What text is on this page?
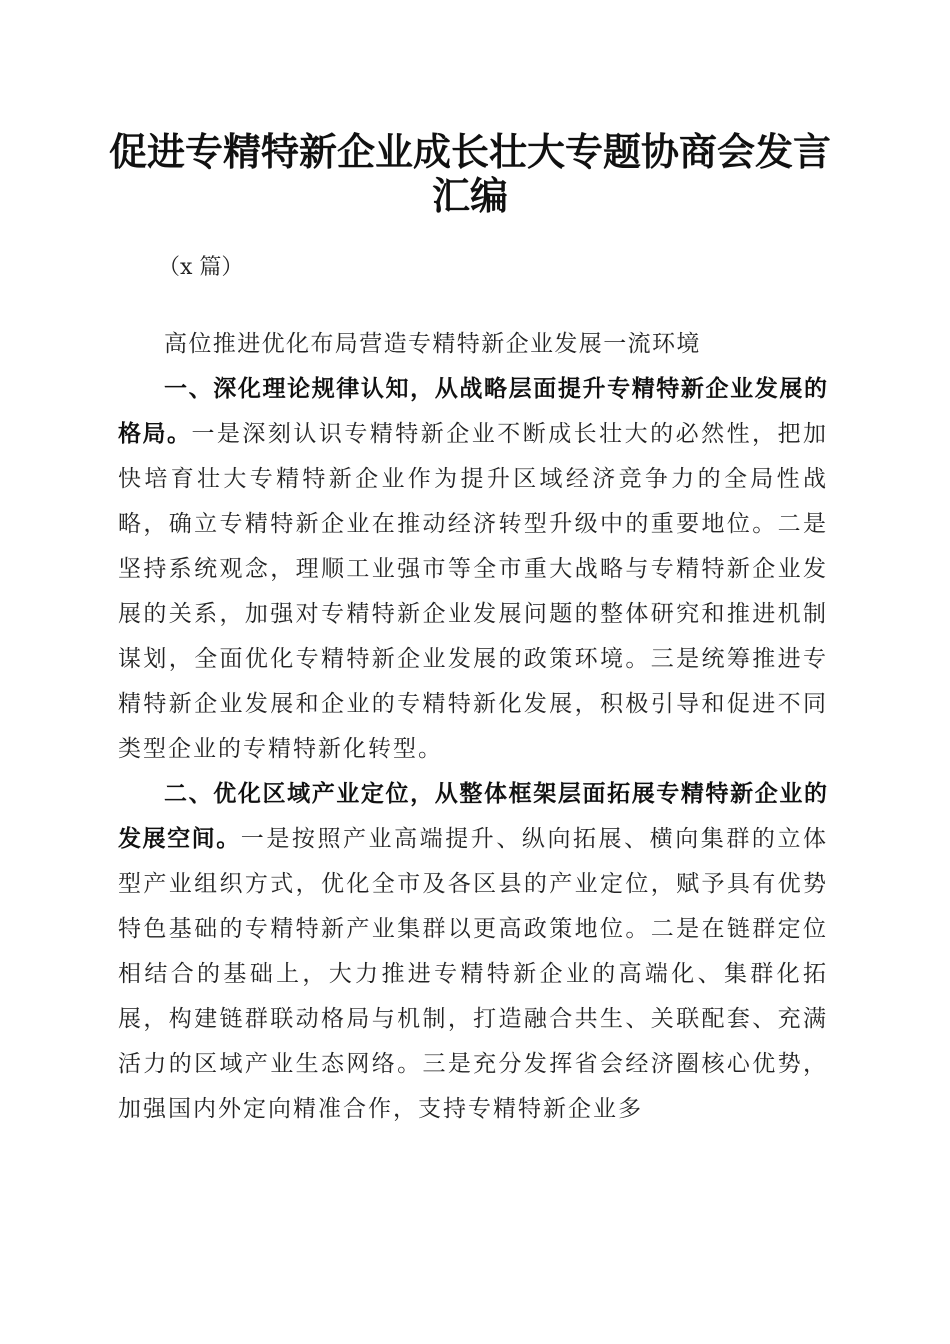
促进专精特新企业成长壮大专题协商会发言汇编
（x 篇）

高位推进优化布局营造专精特新企业发展一流环境

一、深化理论规律认知，从战略层面提升专精特新企业发展的格局。一是深刻认识专精特新企业不断成长壮大的必然性，把加快培育壮大专精特新企业作为提升区域经济竞争力的全局性战略，确立专精特新企业在推动经济转型升级中的重要地位。二是坚持系统观念，理顺工业强市等全市重大战略与专精特新企业发展的关系，加强对专精特新企业发展问题的整体研究和推进机制谋划，全面优化专精特新企业发展的政策环境。三是统筹推进专精特新企业发展和企业的专精特新化发展，积极引导和促进不同类型企业的专精特新化转型。

二、优化区域产业定位，从整体框架层面拓展专精特新企业的发展空间。一是按照产业高端提升、纵向拓展、横向集群的立体型产业组织方式，优化全市及各区县的产业定位，赋予具有优势特色基础的专精特新产业集群以更高政策地位。二是在链群定位相结合的基础上，大力推进专精特新企业的高端化、集群化拓展，构建链群联动格局与机制，打造融合共生、关联配套、充满活力的区域产业生态网络。三是充分发挥省会经济圈核心优势，加强国内外定向精准合作，支持专精特新企业多
